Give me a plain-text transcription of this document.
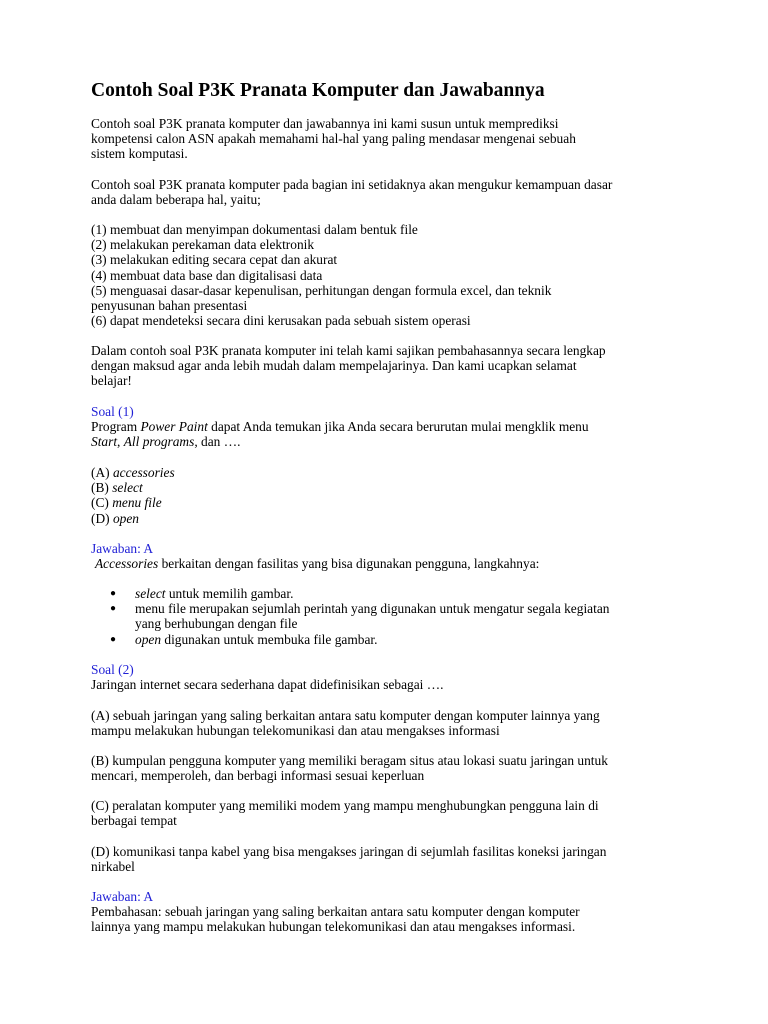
Contoh Soal P3K Pranata Komputer dan Jawabannya
Contoh soal P3K pranata komputer dan jawabannya ini kami susun untuk memprediksi
kompetensi calon ASN apakah memahami hal-hal yang paling mendasar mengenai sebuah
sistem komputasi.
Contoh soal P3K pranata komputer pada bagian ini setidaknya akan mengukur kemampuan dasar
anda dalam beberapa hal, yaitu;
(1) membuat dan menyimpan dokumentasi dalam bentuk file
(2) melakukan perekaman data elektronik
(3) melakukan editing secara cepat dan akurat
(4) membuat data base dan digitalisasi data
(5) menguasai dasar-dasar kepenulisan, perhitungan dengan formula excel, dan teknik
penyusunan bahan presentasi
(6) dapat mendeteksi secara dini kerusakan pada sebuah sistem operasi
Dalam contoh soal P3K pranata komputer ini telah kami sajikan pembahasannya secara lengkap
dengan maksud agar anda lebih mudah dalam mempelajarinya. Dan kami ucapkan selamat
belajar!
Soal (1)
Program Power Paint dapat Anda temukan jika Anda secara berurutan mulai mengklik menu
Start, All programs, dan ….
(A) accessories
(B) select
(C) menu file
(D) open
Jawaban: A
Accessories berkaitan dengan fasilitas yang bisa digunakan pengguna, langkahnya:
● select untuk memilih gambar.
● menu file merupakan sejumlah perintah yang digunakan untuk mengatur segala kegiatan
yang berhubungan dengan file
● open digunakan untuk membuka file gambar.
Soal (2)
Jaringan internet secara sederhana dapat didefinisikan sebagai ….
(A) sebuah jaringan yang saling berkaitan antara satu komputer dengan komputer lainnya yang
mampu melakukan hubungan telekomunikasi dan atau mengakses informasi
(B) kumpulan pengguna komputer yang memiliki beragam situs atau lokasi suatu jaringan untuk
mencari, memperoleh, dan berbagi informasi sesuai keperluan
(C) peralatan komputer yang memiliki modem yang mampu menghubungkan pengguna lain di
berbagai tempat
(D) komunikasi tanpa kabel yang bisa mengakses jaringan di sejumlah fasilitas koneksi jaringan
nirkabel
Jawaban: A
Pembahasan: sebuah jaringan yang saling berkaitan antara satu komputer dengan komputer
lainnya yang mampu melakukan hubungan telekomunikasi dan atau mengakses informasi.
